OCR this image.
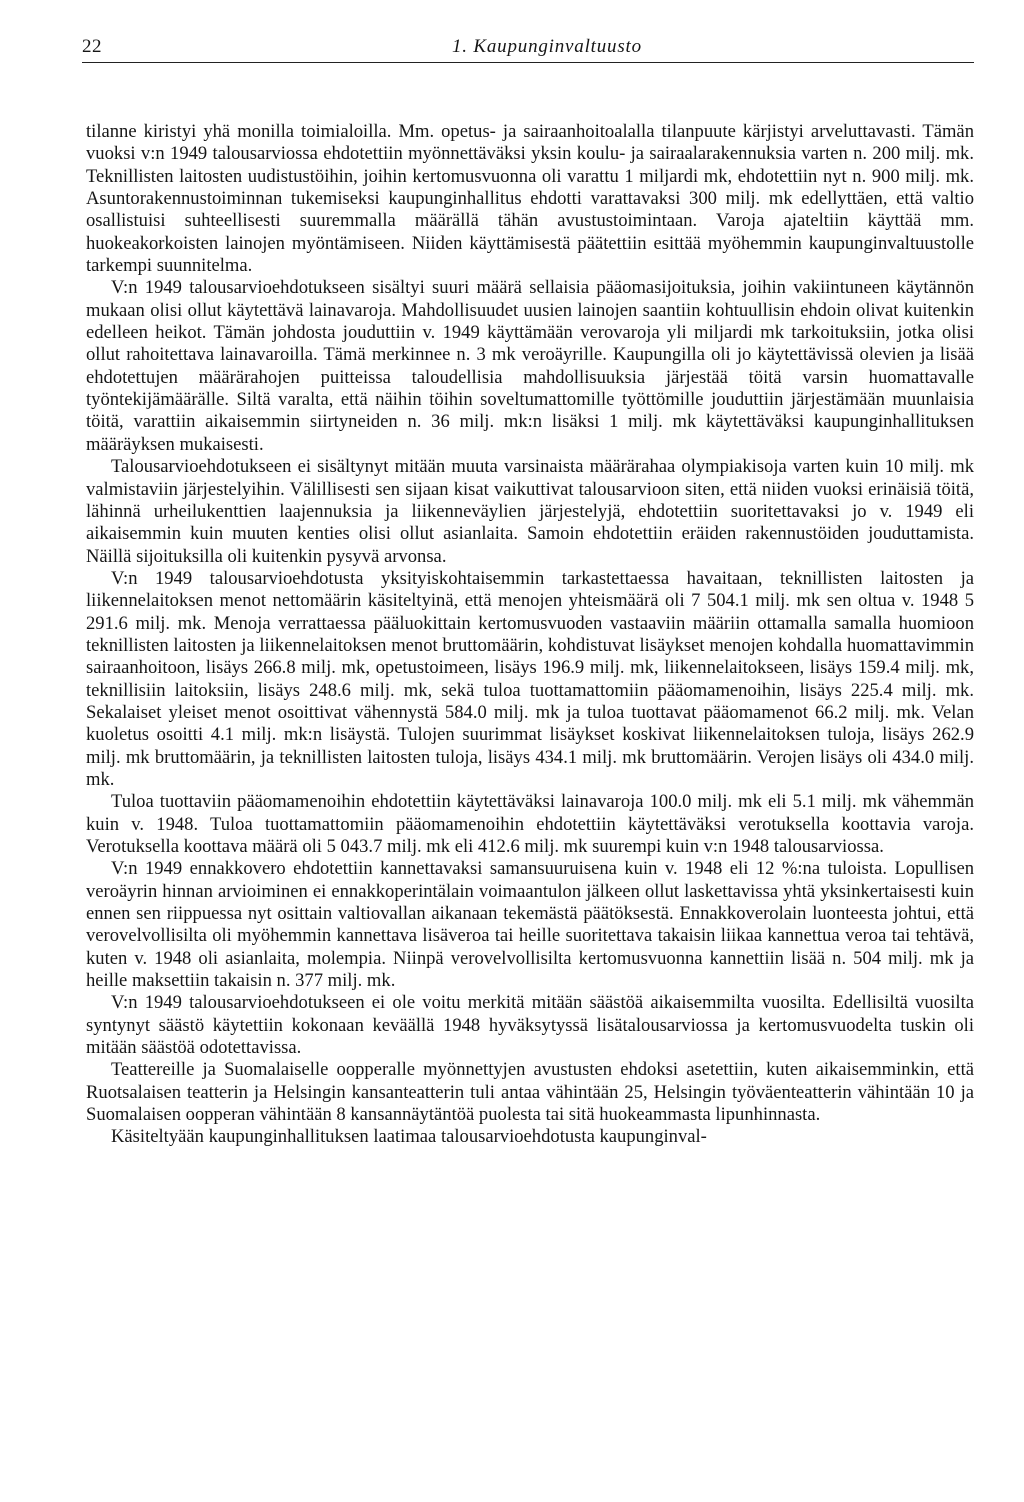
22	1. Kaupunginvaltuusto

tilanne kiristyi yhä monilla toimialoilla. Mm. opetus- ja sairaanhoitoalalla tilanpuute kärjistyi arveluttavasti. Tämän vuoksi v:n 1949 talousarviossa ehdotettiin myönnettäväksi yksin koulu- ja sairaalarakennuksia varten n. 200 milj. mk. Teknillisten laitosten uudistustöihin, joihin kertomusvuonna oli varattu 1 miljardi mk, ehdotettiin nyt n. 900 milj. mk. Asuntorakennustoiminnan tukemiseksi kaupunginhallitus ehdotti varattavaksi 300 milj. mk edellyttäen, että valtio osallistuisi suhteellisesti suuremmalla määrällä tähän avustustoimintaan. Varoja ajateltiin käyttää mm. huokeakorkoisten lainojen myöntämiseen. Niiden käyttämisestä päätettiin esittää myöhemmin kaupunginvaltuustolle tarkempi suunnitelma.

V:n 1949 talousarvioehdotukseen sisältyi suuri määrä sellaisia pääomasijoituksia, joihin vakiintuneen käytännön mukaan olisi ollut käytettävä lainavaroja. Mahdollisuudet uusien lainojen saantiin kohtuullisin ehdoin olivat kuitenkin edelleen heikot. Tämän johdosta jouduttiin v. 1949 käyttämään verovaroja yli miljardi mk tarkoituksiin, jotka olisi ollut rahoitettava lainavaroilla. Tämä merkinnee n. 3 mk veroäyrille. Kaupungilla oli jo käytettävissä olevien ja lisää ehdotettujen määrärahojen puitteissa taloudellisia mahdollisuuksia järjestää töitä varsin huomattavalle työntekijämäärälle. Siltä varalta, että näihin töihin soveltumattomille työttömille jouduttiin järjestämään muunlaisia töitä, varattiin aikaisemmin siirtyneiden n. 36 milj. mk:n lisäksi 1 milj. mk käytettäväksi kaupunginhallituksen määräyksen mukaisesti.

Talousarvioehdotukseen ei sisältynyt mitään muuta varsinaista määrärahaa olympiakisoja varten kuin 10 milj. mk valmistaviin järjestelyihin. Välillisesti sen sijaan kisat vaikuttivat talousarvioon siten, että niiden vuoksi erinäisiä töitä, lähinnä urheilukenttien laajennuksia ja liikenneväylien järjestelyjä, ehdotettiin suoritettavaksi jo v. 1949 eli aikaisemmin kuin muuten kenties olisi ollut asianlaita. Samoin ehdotettiin eräiden rakennustöiden jouduttamista. Näillä sijoituksilla oli kuitenkin pysyvä arvonsa.

V:n 1949 talousarvioehdotusta yksityiskohtaisemmin tarkastettaessa havaitaan, teknillisten laitosten ja liikennelaitoksen menot nettomäärin käsiteltyinä, että menojen yhteismäärä oli 7 504.1 milj. mk sen oltua v. 1948 5 291.6 milj. mk. Menoja verrattaessa pääluokittain kertomusvuoden vastaaviin määriin ottamalla samalla huomioon teknillisten laitosten ja liikennelaitoksen menot bruttomäärin, kohdistuvat lisäykset menojen kohdalla huomattavimmin sairaanhoitoon, lisäys 266.8 milj. mk, opetustoimeen, lisäys 196.9 milj. mk, liikennelaitokseen, lisäys 159.4 milj. mk, teknillisiin laitoksiin, lisäys 248.6 milj. mk, sekä tuloa tuottamattomiin pääomamenoihin, lisäys 225.4 milj. mk. Sekalaiset yleiset menot osoittivat vähennystä 584.0 milj. mk ja tuloa tuottavat pääomamenot 66.2 milj. mk. Velan kuoletus osoitti 4.1 milj. mk:n lisäystä. Tulojen suurimmat lisäykset koskivat liikennelaitoksen tuloja, lisäys 262.9 milj. mk bruttomäärin, ja teknillisten laitosten tuloja, lisäys 434.1 milj. mk bruttomäärin. Verojen lisäys oli 434.0 milj. mk.

Tuloa tuottaviin pääomamenoihin ehdotettiin käytettäväksi lainavaroja 100.0 milj. mk eli 5.1 milj. mk vähemmän kuin v. 1948. Tuloa tuottamattomiin pääomamenoihin ehdotettiin käytettäväksi verotuksella koottavia varoja. Verotuksella koottava määrä oli 5 043.7 milj. mk eli 412.6 milj. mk suurempi kuin v:n 1948 talousarviossa.

V:n 1949 ennakkovero ehdotettiin kannettavaksi samansuuruisena kuin v. 1948 eli 12 %:na tuloista. Lopullisen veroäyrin hinnan arvioiminen ei ennakkoperintälain voimaantulon jälkeen ollut laskettavissa yhtä yksinkertaisesti kuin ennen sen riippuessa nyt osittain valtiovallan aikanaan tekemästä päätöksestä. Ennakkoverolain luonteesta johtui, että verovelvollisilta oli myöhemmin kannettava lisäveroa tai heille suoritettava takaisin liikaa kannettua veroa tai tehtävä, kuten v. 1948 oli asianlaita, molempia. Niinpä verovelvollisilta kertomusvuonna kannettiin lisää n. 504 milj. mk ja heille maksettiin takaisin n. 377 milj. mk.

V:n 1949 talousarvioehdotukseen ei ole voitu merkitä mitään säästöä aikaisemmilta vuosilta. Edellisiltä vuosilta syntynyt säästö käytettiin kokonaan keväällä 1948 hyväksytyssä lisätalousarviossa ja kertomusvuodelta tuskin oli mitään säästöä odotettavissa.

Teattereille ja Suomalaiselle oopperalle myönnettyjen avustusten ehdoksi asetettiin, kuten aikaisemminkin, että Ruotsalaisen teatterin ja Helsingin kansanteatterin tuli antaa vähintään 25, Helsingin työväenteatterin vähintään 10 ja Suomalaisen oopperan vähintään 8 kansannäytäntöä puolesta tai sitä huokeammasta lipunhinnasta.

Käsiteltyään kaupunginhallituksen laatimaa talousarvioehdotusta kaupunginval-
